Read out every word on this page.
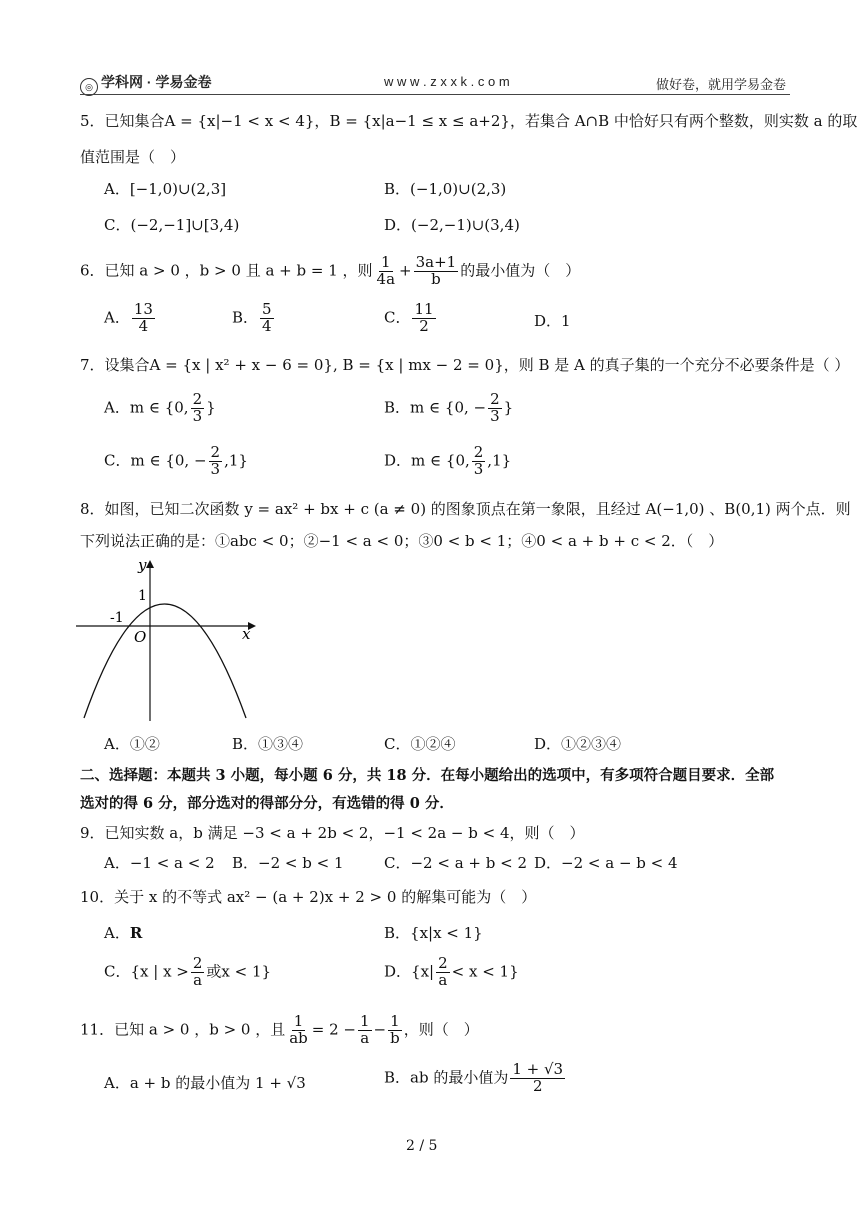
◎ 学科网 · 学易金卷	w w w . z x x k . c o m	做好卷，就用学易金卷
5．已知集合A = {x|−1 < x < 4}，B = {x|a−1 ≤ x ≤ a+2}，若集合 A∩B 中恰好只有两个整数，则实数 a 的取
值范围是（　）
A．[−1,0)∪(2,3]	B．(−1,0)∪(2,3)
C．(−2,−1]∪[3,4)	D．(−2,−1)∪(3,4)
6．已知 a > 0 ，b > 0 且 a + b = 1 ，则 $\frac{1}{4a} + \frac{3a+1}{b}$ 的最小值为（　）
A． $\frac{13}{4}$	B． $\frac{5}{4}$	C． $\frac{11}{2}$	D．1
7．设集合A = {x | x² + x − 6 = 0}, B = {x | mx − 2 = 0}，则 B 是 A 的真子集的一个充分不必要条件是（ ）
A．m ∈ {0, $\frac{2}{3}$ }	B．m ∈ {0, − $\frac{2}{3}$ }
C．m ∈ {0, − $\frac{2}{3} ,1$}	D．m ∈ {0, $\frac{2}{3} ,1$}
8．如图，已知二次函数 y = ax² + bx + c (a ≠ 0) 的图象顶点在第一象限，且经过 A(−1,0) 、B(0,1) 两个点．则
下列说法正确的是：①abc < 0；②−1 < a < 0；③0 < b < 1；④0 < a + b + c < 2．（　）
y
x
O
1
-1
A．①②	B．①③④	C．①②④	D．①②③④
二、选择题：本题共 3 小题，每小题 6 分，共 18 分．在每小题给出的选项中，有多项符合题目要求．全部
选对的得 6 分，部分选对的得部分分，有选错的得 0 分．
9．已知实数 a，b 满足 −3 < a + 2b < 2，−1 < 2a − b < 4，则（　）
A．−1 < a < 2 B．−2 < b < 1	C．−2 < a + b < 2 D．−2 < a − b < 4
10．关于 x 的不等式 ax² − (a + 2)x + 2 > 0 的解集可能为（　）
A．R	B．{x|x < 1}
C．{x | $x > \frac{2}{a}$ 或x < 1}	D．$\{x| \frac{2}{a} < x < 1\}$
11．已知 a > 0 ，b > 0 ，且 $\frac{1}{ab} = 2 - \frac{1}{a} - \frac{1}{b}$ ，则（　）
A．a + b 的最小值为 1 + √3	B．ab 的最小值为 $\frac{1 + √3}{2}$
2 / 5
